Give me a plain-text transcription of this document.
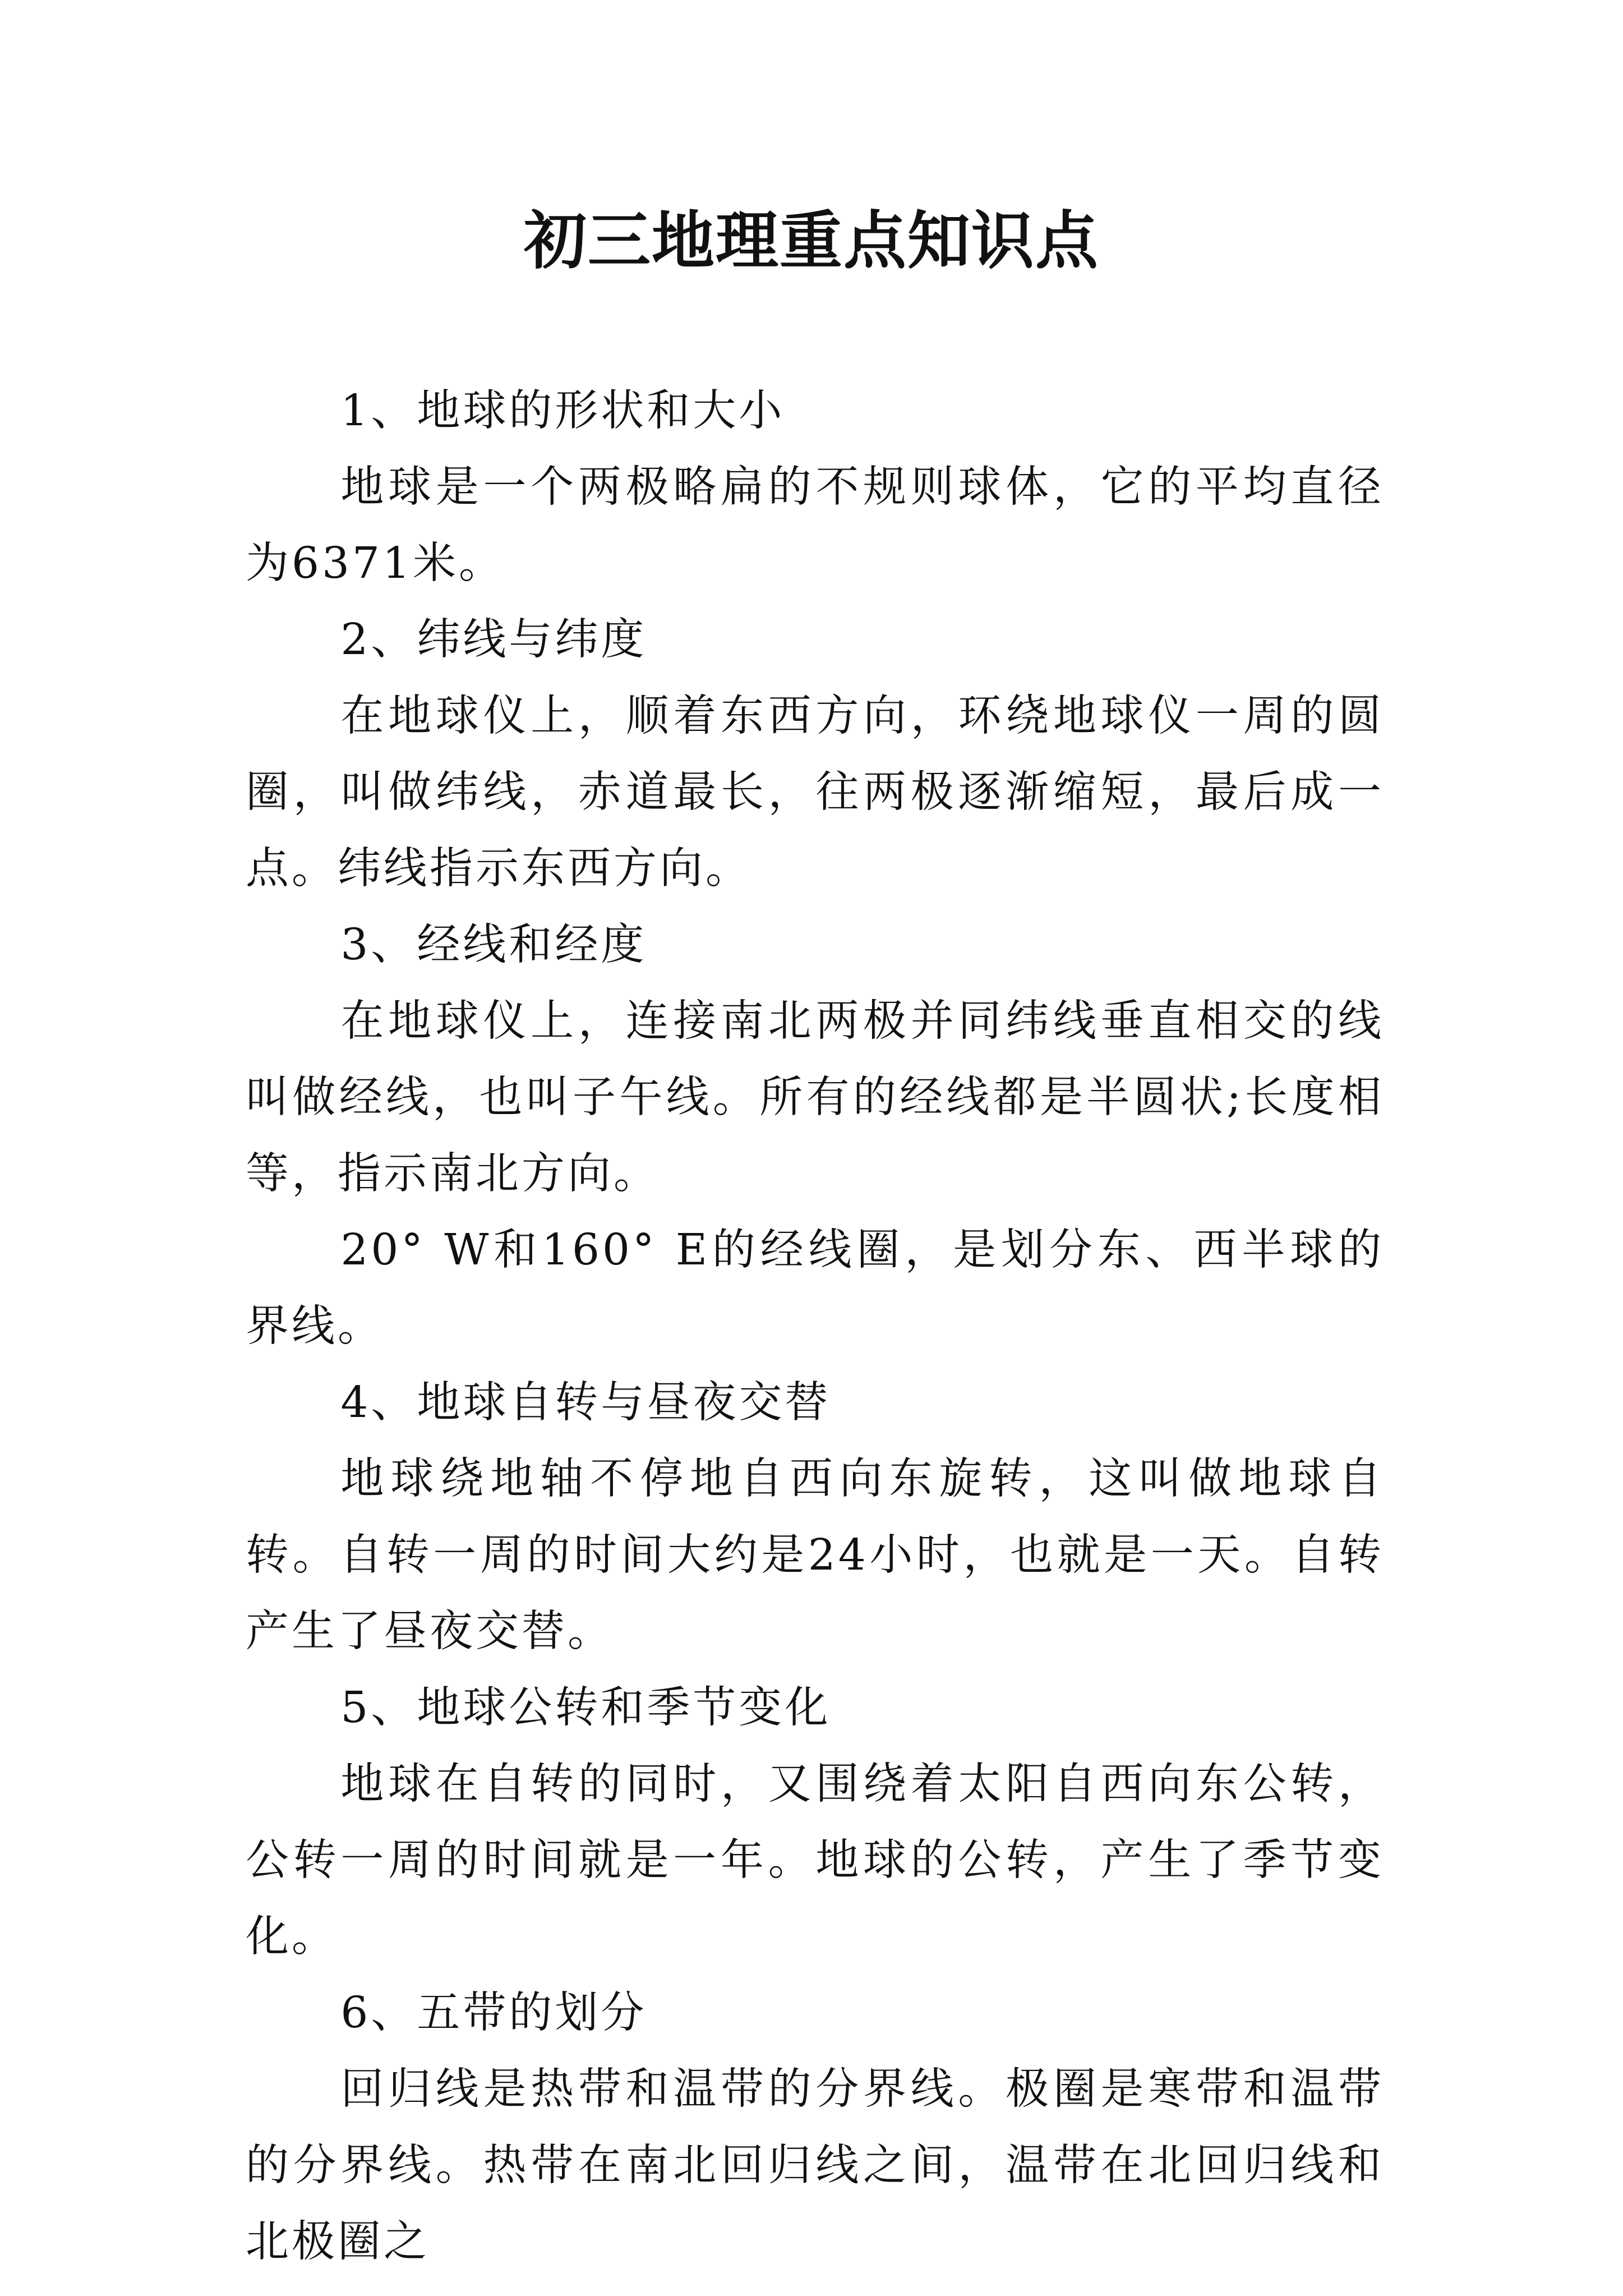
初三地理重点知识点

1、地球的形状和大小

地球是一个两极略扁的不规则球体，它的平均直径为6371米。

2、纬线与纬度

在地球仪上，顺着东西方向，环绕地球仪一周的圆圈，叫做纬线，赤道最长，往两极逐渐缩短，最后成一点。纬线指示东西方向。

3、经线和经度

在地球仪上，连接南北两极并同纬线垂直相交的线叫做经线，也叫子午线。所有的经线都是半圆状;长度相等，指示南北方向。

20° W和160° E的经线圈，是划分东、西半球的界线。

4、地球自转与昼夜交替

地球绕地轴不停地自西向东旋转，这叫做地球自转。自转一周的时间大约是24小时，也就是一天。自转产生了昼夜交替。

5、地球公转和季节变化

地球在自转的同时，又围绕着太阳自西向东公转，公转一周的时间就是一年。地球的公转，产生了季节变化。

6、五带的划分

回归线是热带和温带的分界线。极圈是寒带和温带的分界线。热带在南北回归线之间，温带在北回归线和北极圈之
